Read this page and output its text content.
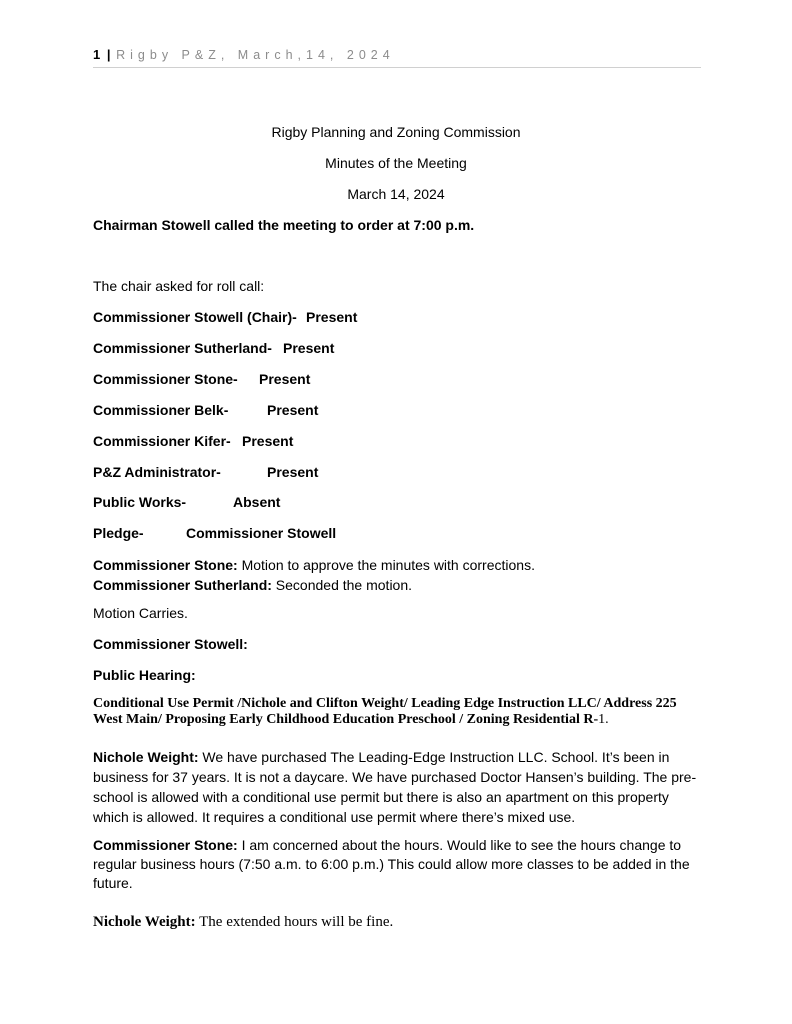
1 | Rigby P&Z, March,14, 2024
Rigby Planning and Zoning Commission
Minutes of the Meeting
March 14, 2024
Chairman Stowell called the meeting to order at 7:00 p.m.
The chair asked for roll call:
Commissioner Stowell (Chair)- Present
Commissioner Sutherland- Present
Commissioner Stone- Present
Commissioner Belk-	Present
Commissioner Kifer- Present
P&Z Administrator-	Present
Public Works-	Absent
Pledge-	Commissioner Stowell
Commissioner Stone: Motion to approve the minutes with corrections.
Commissioner Sutherland: Seconded the motion.
Motion Carries.
Commissioner Stowell:
Public Hearing:
Conditional Use Permit /Nichole and Clifton Weight/ Leading Edge Instruction LLC/ Address 225 West Main/ Proposing Early Childhood Education Preschool / Zoning Residential R-1.
Nichole Weight: We have purchased The Leading-Edge Instruction LLC. School. It’s been in business for 37 years. It is not a daycare. We have purchased Doctor Hansen’s building. The pre-school is allowed with a conditional use permit but there is also an apartment on this property which is allowed. It requires a conditional use permit where there’s mixed use.
Commissioner Stone: I am concerned about the hours. Would like to see the hours change to regular business hours (7:50 a.m. to 6:00 p.m.) This could allow more classes to be added in the future.
Nichole Weight: The extended hours will be fine.
